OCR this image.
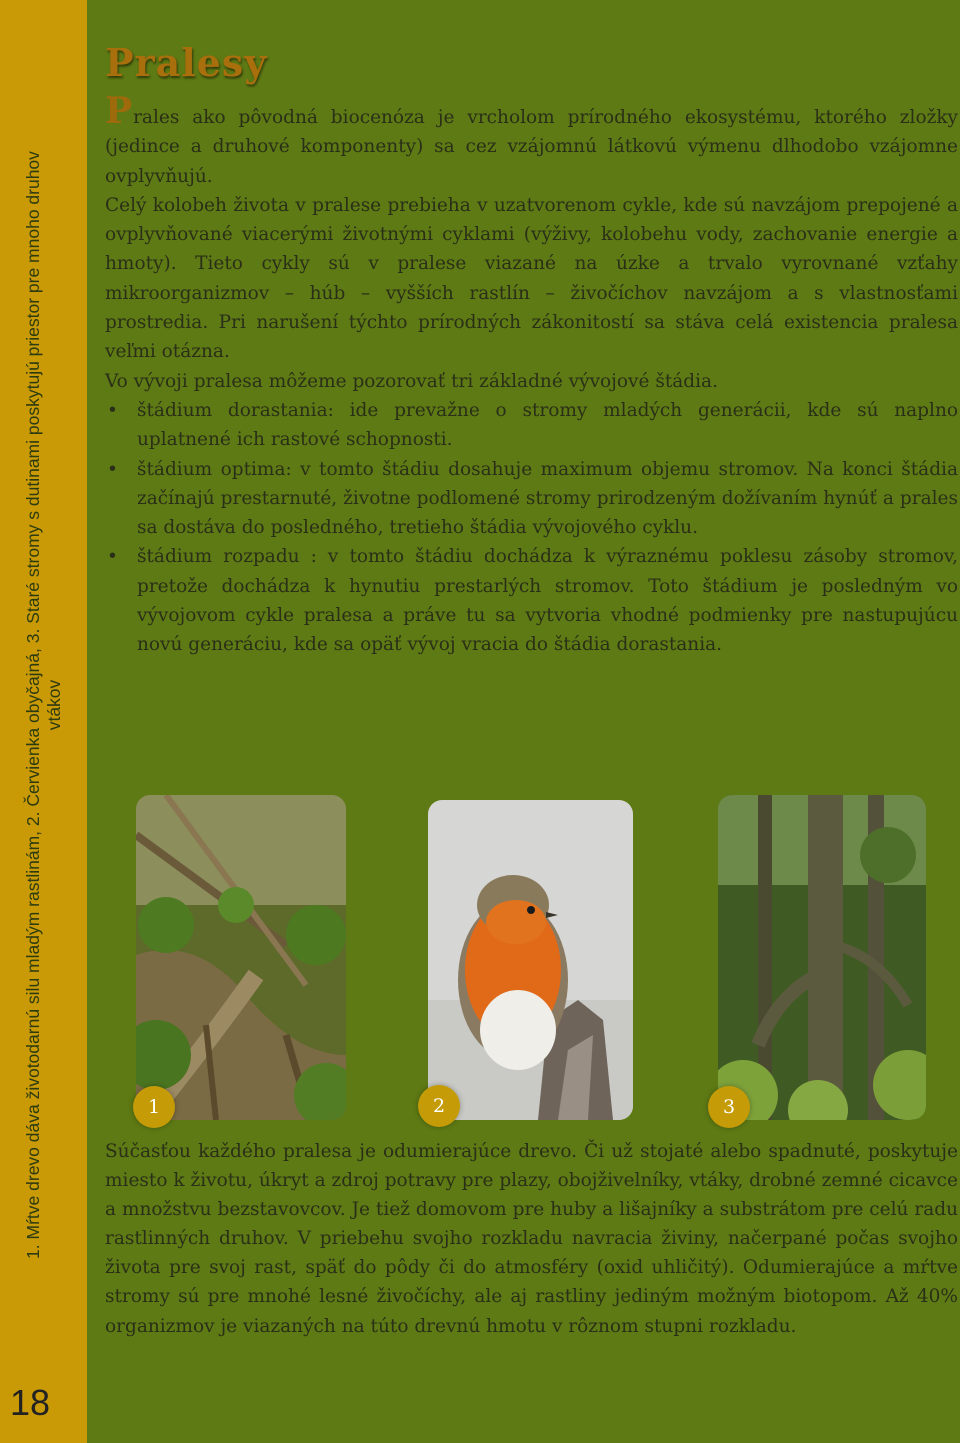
1. Mŕtve drevo dáva životodarnú silu mladým rastlinám, 2. Červienka obyčajná, 3. Staré stromy s dutinami poskytujú priestor pre mnoho druhov vtákov
18
Pralesy

Prales ako pôvodná biocenóza je vrcholom prírodného ekosystému, ktorého zložky (jedince a druhové komponenty) sa cez vzájomnú látkovú výmenu dlhodobo vzájomne ovplyvňujú.

Celý kolobeh života v pralese prebieha v uzatvorenom cykle, kde sú navzájom prepojené a ovplyvňované viacerými životnými cyklami (výživy, kolobehu vody, zachovanie energie a hmoty). Tieto cykly sú v pralese viazané na úzke a trvalo vyrovnané vzťahy mikroorganizmov – húb – vyšších rastlín – živočíchov navzájom a s vlastnosťami prostredia. Pri narušení týchto prírodných zákonitostí sa stáva celá existencia pralesa veľmi otázna.

Vo vývoji pralesa môžeme pozorovať tri základné vývojové štádia.

• štádium dorastania: ide prevažne o stromy mladých generácii, kde sú naplno uplatnené ich rastové schopnosti.
• štádium optima: v tomto štádiu dosahuje maximum objemu stromov. Na konci štádia začínajú prestarnuté, životne podlomené stromy prirodzeným dožívaním hynúť a prales sa dostáva do posledného, tretieho štádia vývojového cyklu.
• štádium rozpadu : v tomto štádiu dochádza k výraznému poklesu zásoby stromov, pretože dochádza k hynutiu prestarlých stromov. Toto štádium je posledným vo vývojovom cykle pralesa a práve tu sa vytvoria vhodné podmienky pre nastupujúcu novú generáciu, kde sa opäť vývoj vracia do štádia dorastania.
1	2	3

Súčasťou každého pralesa je odumierajúce drevo. Či už stojaté alebo spadnuté, poskytuje miesto k životu, úkryt a zdroj potravy pre plazy, obojživelníky, vtáky, drobné zemné cicavce a množstvu bezstavovcov. Je tiež domovom pre huby a lišajníky a substrátom pre celú radu rastlinných druhov. V priebehu svojho rozkladu navracia živiny, načerpané počas svojho života pre svoj rast, späť do pôdy či do atmosféry (oxid uhličitý). Odumierajúce a mŕtve stromy sú pre mnohé lesné živočíchy, ale aj rastliny jediným možným biotopom. Až 40% organizmov je viazaných na túto drevnú hmotu v rôznom stupni rozkladu.
